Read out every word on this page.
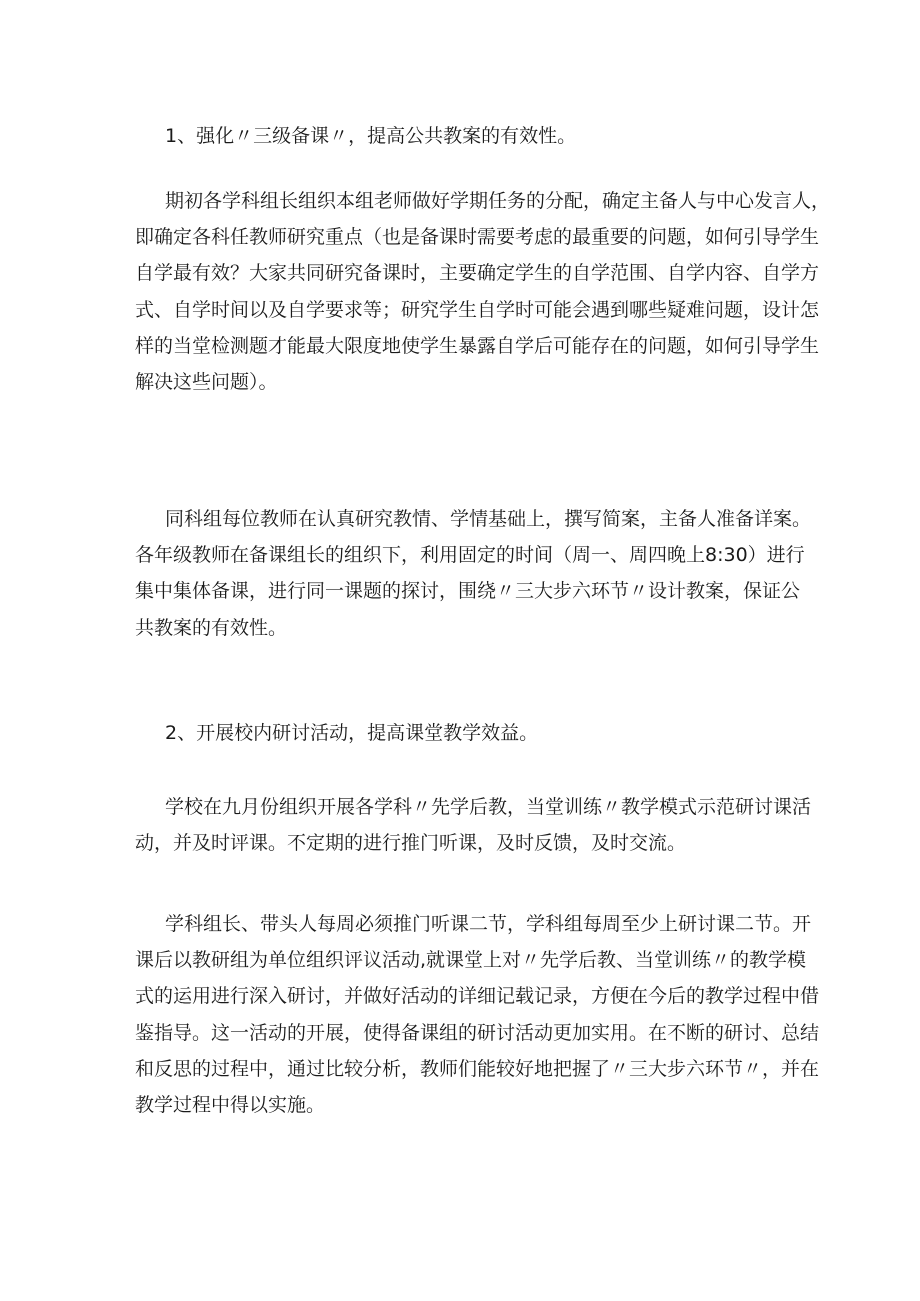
1、强化〃三级备课〃，提高公共教案的有效性。
期初各学科组长组织本组老师做好学期任务的分配，确定主备人与中心发言人，
即确定各科任教师研究重点（也是备课时需要考虑的最重要的问题，如何引导学生
自学最有效？大家共同研究备课时，主要确定学生的自学范围、自学内容、自学方
式、自学时间以及自学要求等；研究学生自学时可能会遇到哪些疑难问题，设计怎
样的当堂检测题才能最大限度地使学生暴露自学后可能存在的问题，如何引导学生
解决这些问题）。
同科组每位教师在认真研究教情、学情基础上，撰写简案，主备人准备详案。
各年级教师在备课组长的组织下，利用固定的时间（周一、周四晚上8:30）进行
集中集体备课，进行同一课题的探讨，围绕〃三大步六环节〃设计教案，保证公
共教案的有效性。
2、开展校内研讨活动，提高课堂教学效益。
学校在九月份组织开展各学科〃先学后教，当堂训练〃教学模式示范研讨课活
动，并及时评课。不定期的进行推门听课，及时反馈，及时交流。
学科组长、带头人每周必须推门听课二节，学科组每周至少上研讨课二节。开
课后以教研组为单位组织评议活动,就课堂上对〃先学后教、当堂训练〃的教学模
式的运用进行深入研讨，并做好活动的详细记载记录，方便在今后的教学过程中借
鉴指导。这一活动的开展，使得备课组的研讨活动更加实用。在不断的研讨、总结
和反思的过程中，通过比较分析，教师们能较好地把握了〃三大步六环节〃，并在
教学过程中得以实施。
